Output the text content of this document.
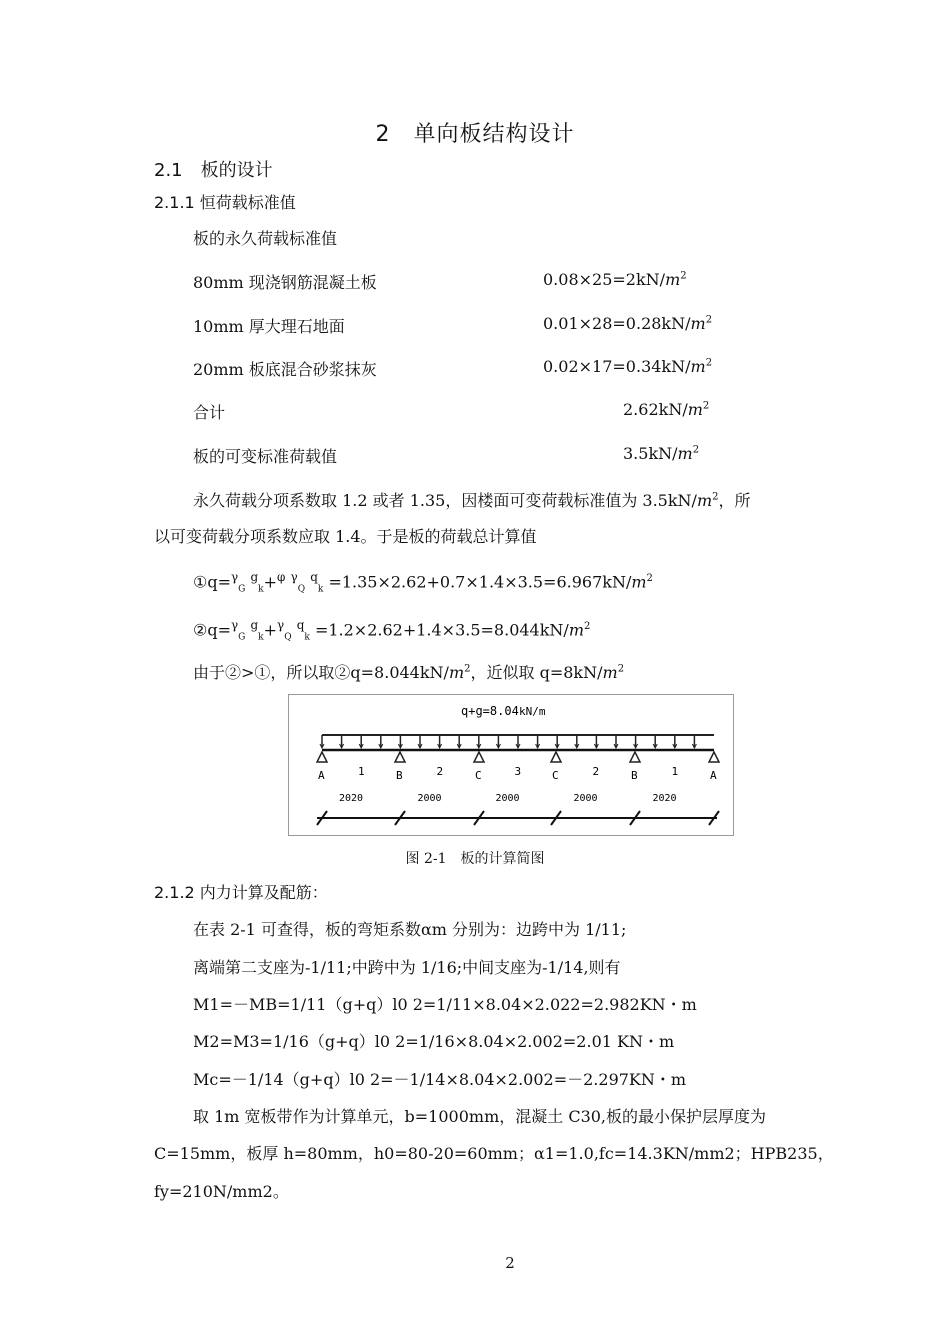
2　单向板结构设计
2.1　板的设计
2.1.1 恒荷载标准值
板的永久荷载标准值
80mm 现浇钢筋混凝土板	$0.08\times 25=2kN/m^2$
10mm 厚大理石地面	$0.01\times 28=0.28kN/m^2$
20mm 板底混合砂浆抹灰	$0.02\times 17=0.34kN/m^2$
合计	$2.62kN/m^2$
板的可变标准荷载值	$3.5kN/m^2$
永久荷载分项系数取 1.2 或者 1.35，因楼面可变荷载标准值为 $3.5kN/m^2$，所
以可变荷载分项系数应取 1.4。于是板的荷载总计算值
①q=$^\gamma_G$ $^g_k$+$^\varphi$ $^\gamma_Q$ $^q_k =1.35\times 2.62+0.7\times 1.4\times 3.5=6.967kN/m^2$
②q=$^\gamma_G$ $^g_k$+$^\gamma_Q$ $^q_k =1.2\times 2.62+1.4\times 3.5=8.044kN/m^2$
由于②>①，所以取$②q=8.044kN/m^2$，近似取 $q=8kN/m^2$
q+g=8.04 kN/m
A	B	C	C	B	A
1	2	3	2	1
2020	2000	2000	2000	2020
图 2-1　板的计算简图
2.1.2 内力计算及配筋：
在表 2-1 可查得，板的弯矩系数αm 分别为：边跨中为 1/11;
离端第二支座为-1/11;中跨中为 1/16;中间支座为-1/14,则有
M1=－MB=1/11（g+q）l0 2=1/11×8.04×2.022=2.982KN・m
M2=M3=1/16（g+q）l0 2=1/16×8.04×2.002=2.01 KN・m
Mc=－1/14（g+q）l0 2=－1/14×8.04×2.002=－2.297KN・m
取 1m 宽板带作为计算单元，b=1000mm，混凝土 C30,板的最小保护层厚度为
C=15mm，板厚 h=80mm，h0=80-20=60mm；α1=1.0,fc=14.3KN/mm2；HPB235，
fy=210N/mm2。
2
